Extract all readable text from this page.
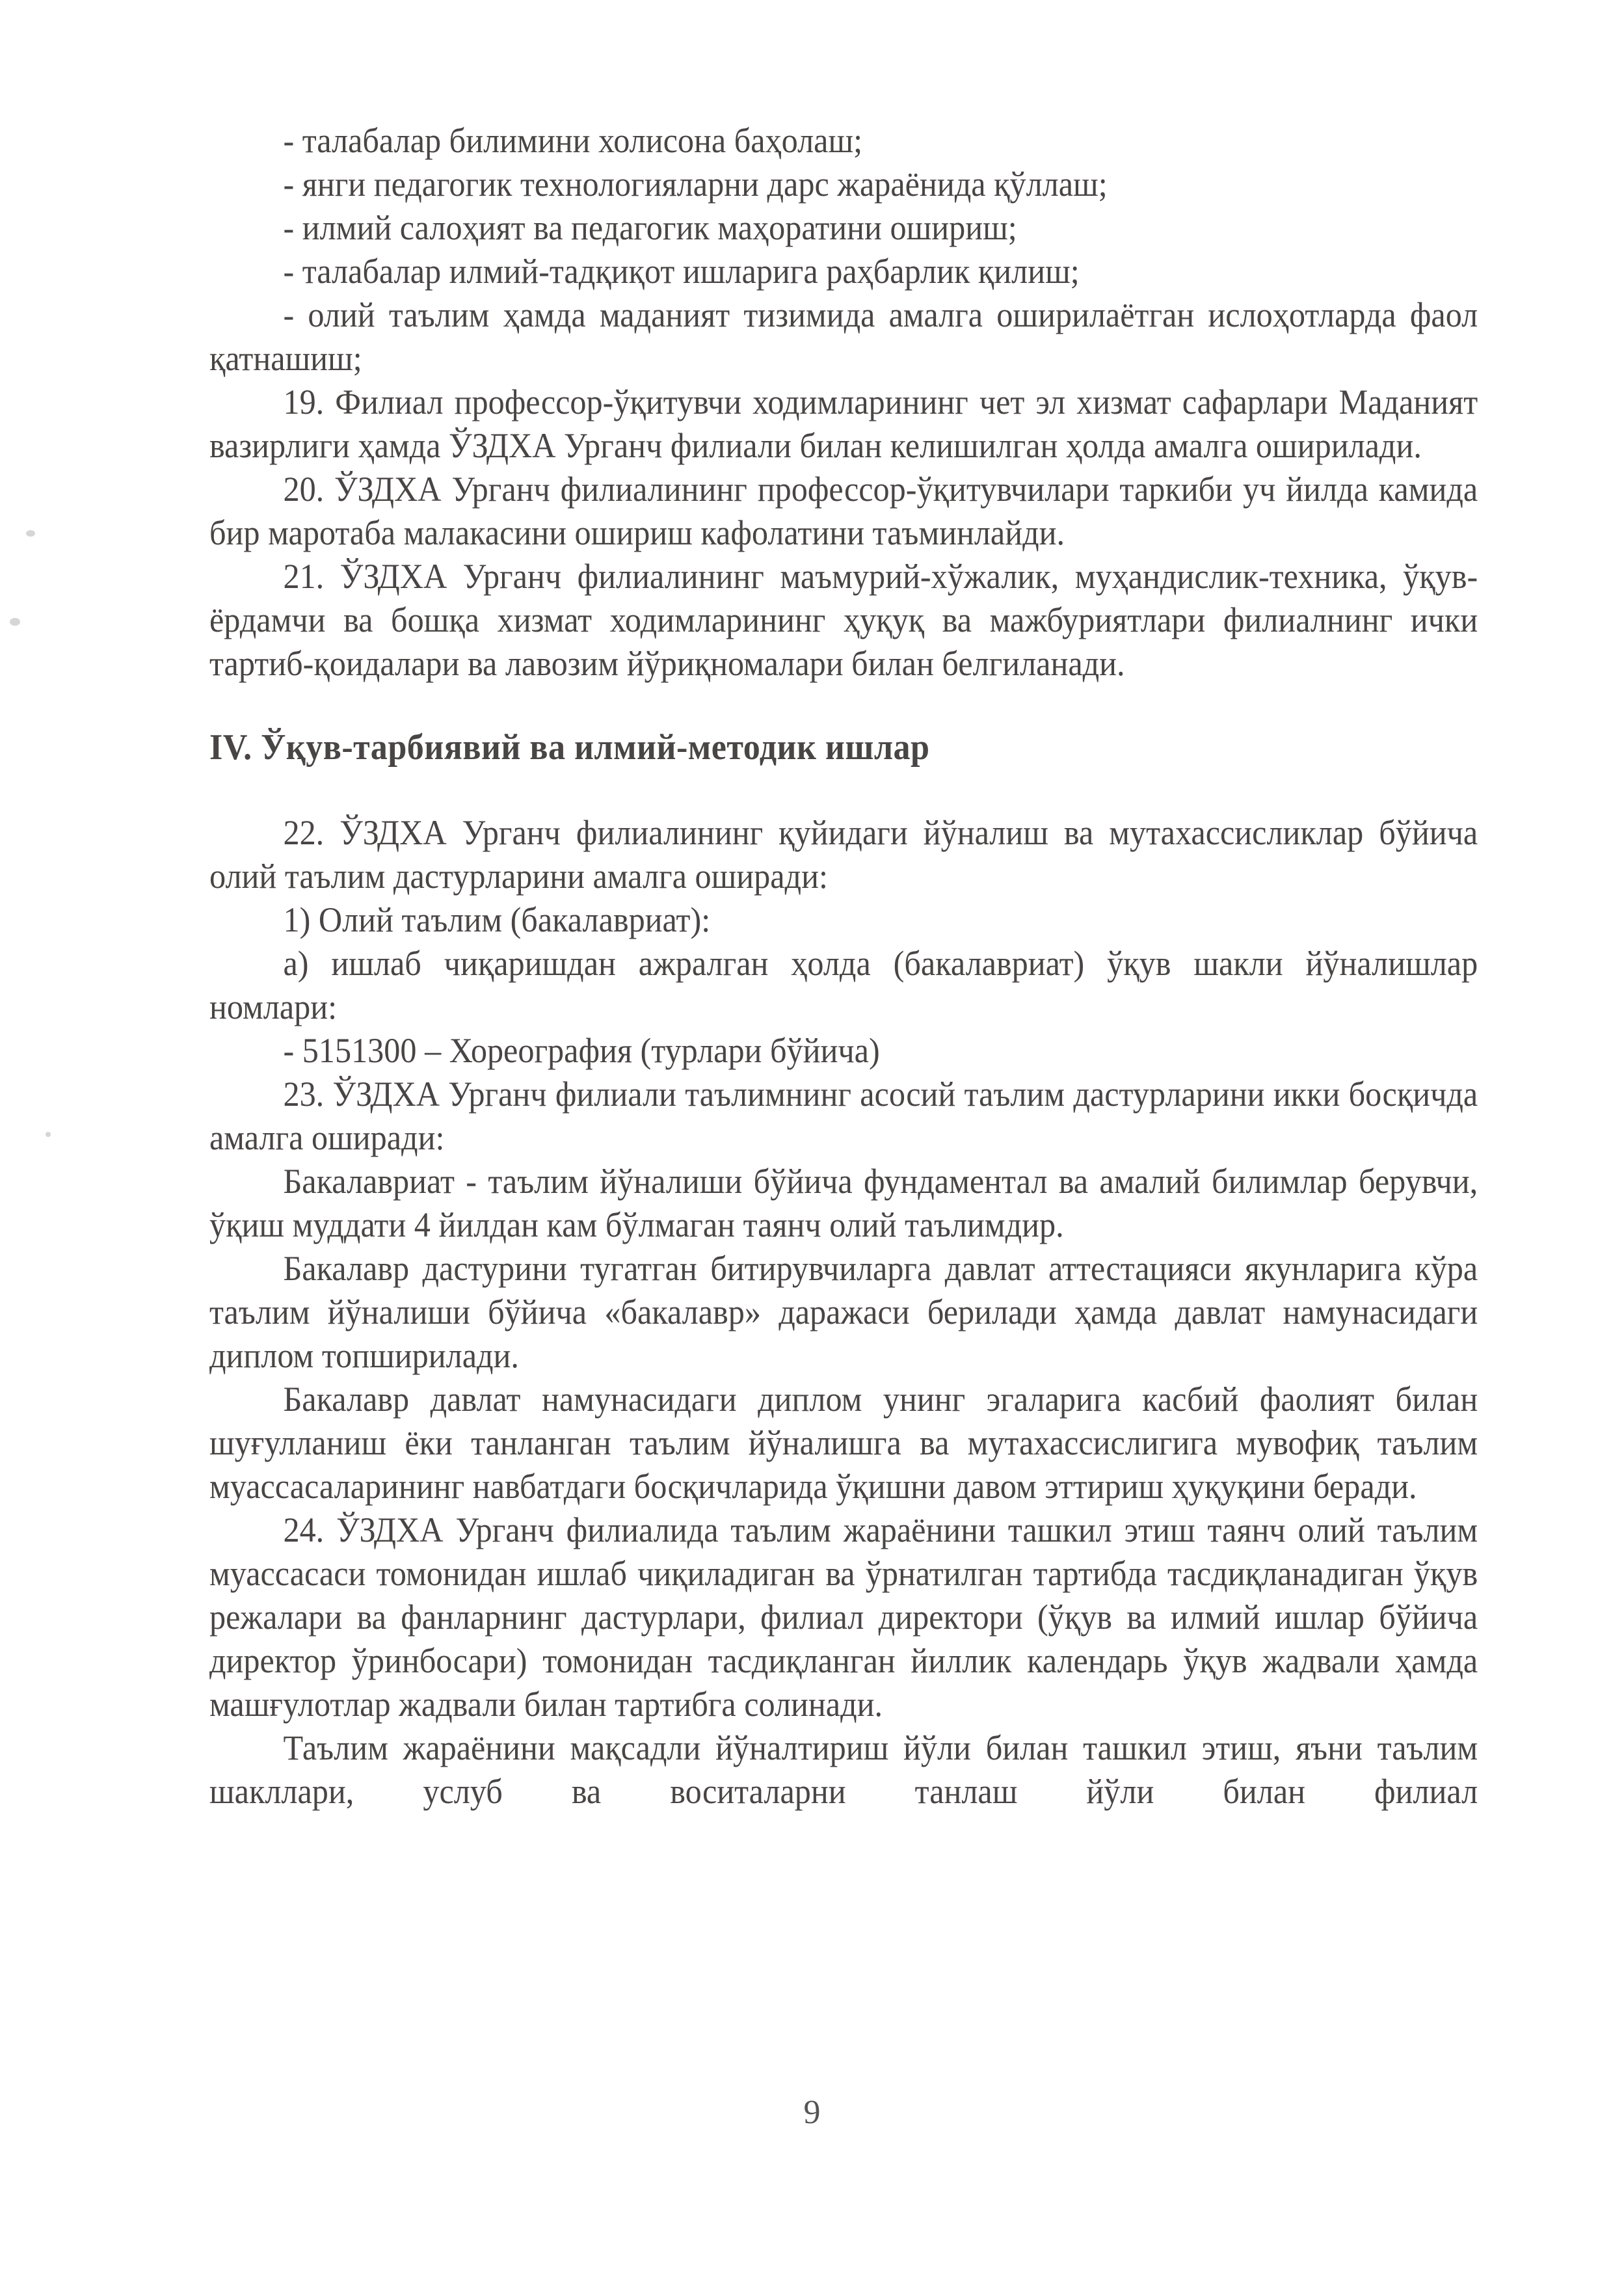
- талабалар билимини холисона баҳолаш;

- янги педагогик технологияларни дарс жараёнида қўллаш;

- илмий салоҳият ва педагогик маҳоратини ошириш;

- талабалар илмий-тадқиқот ишларига раҳбарлик қилиш;

- олий таълим ҳамда маданият тизимида амалга оширилаётган ислоҳотларда фаол қатнашиш;

19. Филиал профессор-ўқитувчи ходимларининг чет эл хизмат сафарлари Маданият вазирлиги ҳамда ЎЗДХА Урганч филиали билан келишилган ҳолда амалга оширилади.

20. ЎЗДХА Урганч филиалининг профессор-ўқитувчилари таркиби уч йилда камида бир маротаба малакасини ошириш кафолатини таъминлайди.

21. ЎЗДХА Урганч филиалининг маъмурий-хўжалик, муҳандислик-техника, ўқув-ёрдамчи ва бошқа хизмат ходимларининг ҳуқуқ ва мажбуриятлари филиалнинг ички тартиб-қоидалари ва лавозим йўриқномалари билан белгиланади.

IV. Ўқув-тарбиявий ва илмий-методик ишлар

22. ЎЗДХА Урганч филиалининг қуйидаги йўналиш ва мутахассисликлар бўйича олий таълим дастурларини амалга оширади:

1) Олий таълим (бакалавриат):

а) ишлаб чиқаришдан ажралган ҳолда (бакалавриат) ўқув шакли йўналишлар номлари:

- 5151300 – Хореография (турлари бўйича)

23. ЎЗДХА Урганч филиали таълимнинг асосий таълим дастурларини икки босқичда амалга оширади:

Бакалавриат - таълим йўналиши бўйича фундаментал ва амалий билимлар берувчи, ўқиш муддати 4 йилдан кам бўлмаган таянч олий таълимдир.

Бакалавр дастурини тугатган битирувчиларга давлат аттестацияси якунларига кўра таълим йўналиши бўйича «бакалавр» даражаси берилади ҳамда давлат намунасидаги диплом топширилади.

Бакалавр давлат намунасидаги диплом унинг эгаларига касбий фаолият билан шуғулланиш ёки танланган таълим йўналишга ва мутахассислигига мувофиқ таълим муассасаларининг навбатдаги босқичларида ўқишни давом эттириш ҳуқуқини беради.

24. ЎЗДХА Урганч филиалида таълим жараёнини ташкил этиш таянч олий таълим муассасаси томонидан ишлаб чиқиладиган ва ўрнатилган тартибда тасдиқланадиган ўқув режалари ва фанларнинг дастурлари, филиал директори (ўқув ва илмий ишлар бўйича директор ўринбосари) томонидан тасдиқланган йиллик календарь ўқув жадвали ҳамда машғулотлар жадвали билан тартибга солинади.

Таълим жараёнини мақсадли йўналтириш йўли билан ташкил этиш, яъни таълим шакллари, услуб ва воситаларни танлаш йўли билан филиал

9
